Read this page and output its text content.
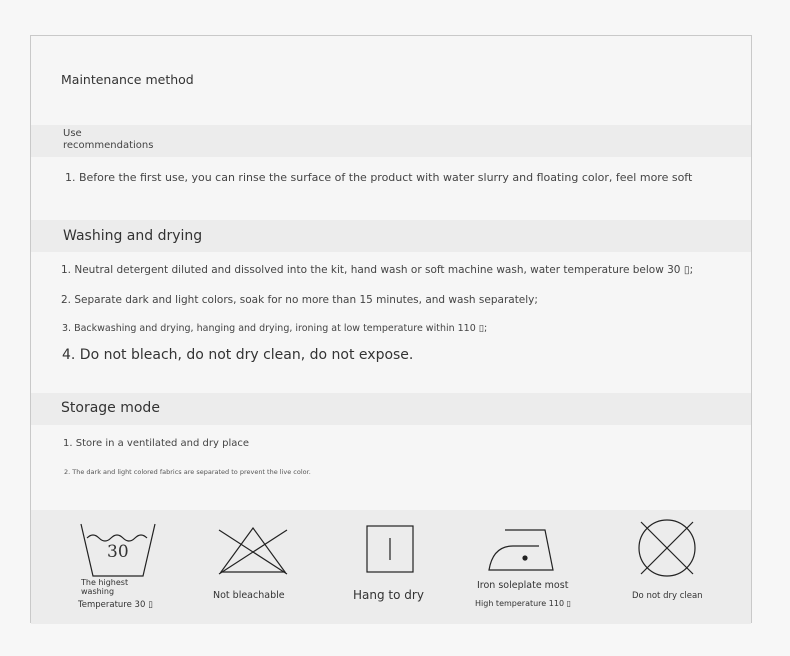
Maintenance method
Use
recommendations
1. Before the first use, you can rinse the surface of the product with water slurry and floating color, feel more soft
Washing and drying
1. Neutral detergent diluted and dissolved into the kit, hand wash or soft machine wash, water temperature below 30 ▯;
2. Separate dark and light colors, soak for no more than 15 minutes, and wash separately;
3. Backwashing and drying, hanging and drying, ironing at low temperature within 110 ▯;
4. Do not bleach, do not dry clean, do not expose.
Storage mode
1. Store in a ventilated and dry place
2. The dark and light colored fabrics are separated to prevent the live color.
30
The highest
washing
Temperature 30 ▯
Not bleachable	Hang to dry
Iron soleplate most
High temperature 110 ▯
Do not dry clean
